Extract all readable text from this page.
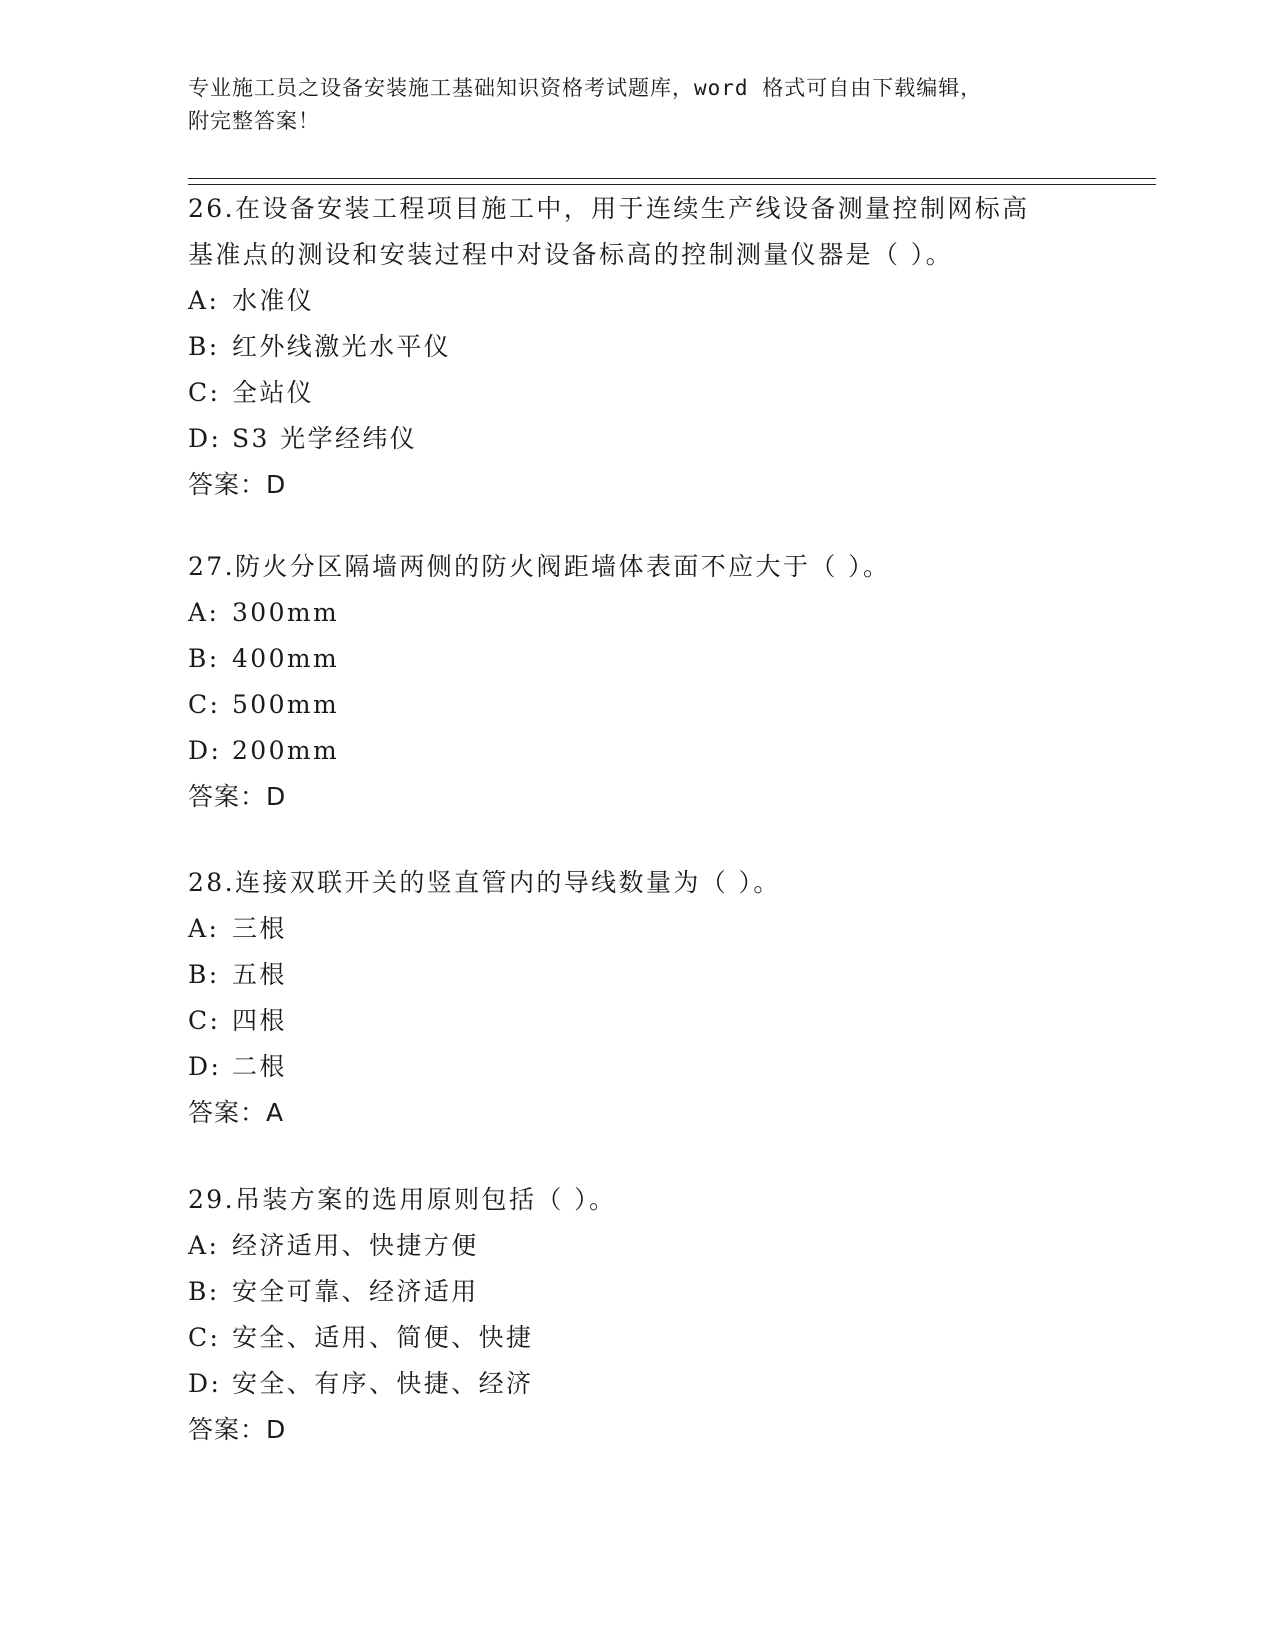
专业施工员之设备安装施工基础知识资格考试题库，word 格式可自由下载编辑，
附完整答案！

26.在设备安装工程项目施工中，用于连续生产线设备测量控制网标高

基准点的测设和安装过程中对设备标高的控制测量仪器是（ ）。

A: 水准仪

B: 红外线激光水平仪

C: 全站仪

D: S3 光学经纬仪

答案：D

27.防火分区隔墙两侧的防火阀距墙体表面不应大于（ ）。

A: 300mm

B: 400mm

C: 500mm

D: 200mm

答案：D

28.连接双联开关的竖直管内的导线数量为（ ）。

A: 三根

B: 五根

C: 四根

D: 二根

答案：A

29.吊装方案的选用原则包括（ ）。

A: 经济适用、快捷方便

B: 安全可靠、经济适用

C: 安全、适用、简便、快捷

D: 安全、有序、快捷、经济

答案：D
